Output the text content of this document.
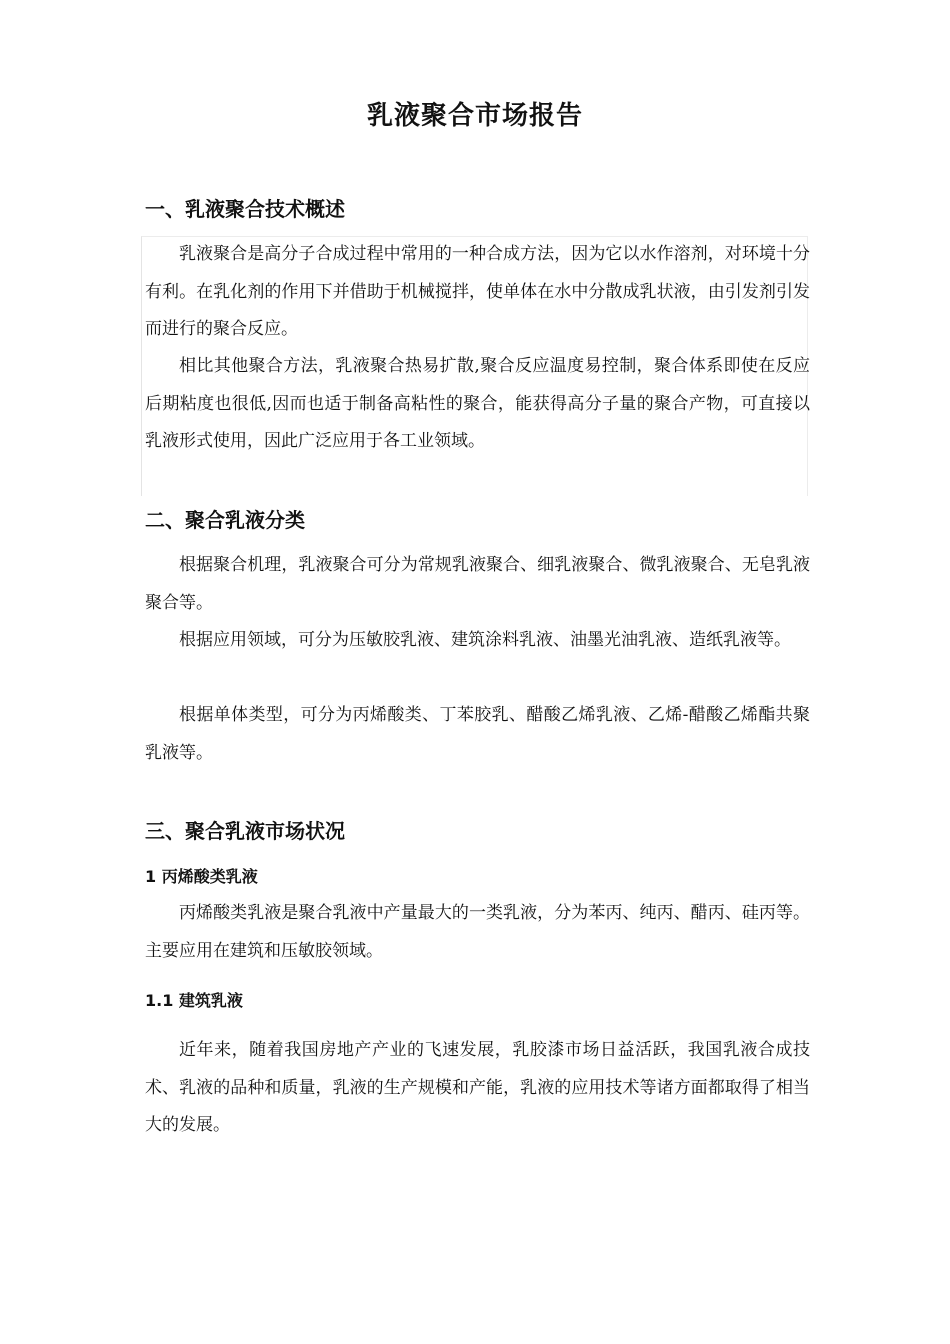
乳液聚合市场报告
一、乳液聚合技术概述

乳液聚合是高分子合成过程中常用的一种合成方法，因为它以水作溶剂，对环境十分有利。在乳化剂的作用下并借助于机械搅拌，使单体在水中分散成乳状液，由引发剂引发而进行的聚合反应。

相比其他聚合方法，乳液聚合热易扩散,聚合反应温度易控制，聚合体系即使在反应后期粘度也很低,因而也适于制备高粘性的聚合，能获得高分子量的聚合产物，可直接以乳液形式使用，因此广泛应用于各工业领域。

二、聚合乳液分类

根据聚合机理，乳液聚合可分为常规乳液聚合、细乳液聚合、微乳液聚合、无皂乳液聚合等。

根据应用领域，可分为压敏胶乳液、建筑涂料乳液、油墨光油乳液、造纸乳液等。

根据单体类型，可分为丙烯酸类、丁苯胶乳、醋酸乙烯乳液、乙烯-醋酸乙烯酯共聚乳液等。

三、聚合乳液市场状况
1 丙烯酸类乳液

丙烯酸类乳液是聚合乳液中产量最大的一类乳液，分为苯丙、纯丙、醋丙、硅丙等。主要应用在建筑和压敏胶领域。

1.1 建筑乳液

近年来，随着我国房地产产业的飞速发展，乳胶漆市场日益活跃，我国乳液合成技术、乳液的品种和质量，乳液的生产规模和产能，乳液的应用技术等诸方面都取得了相当大的发展。
